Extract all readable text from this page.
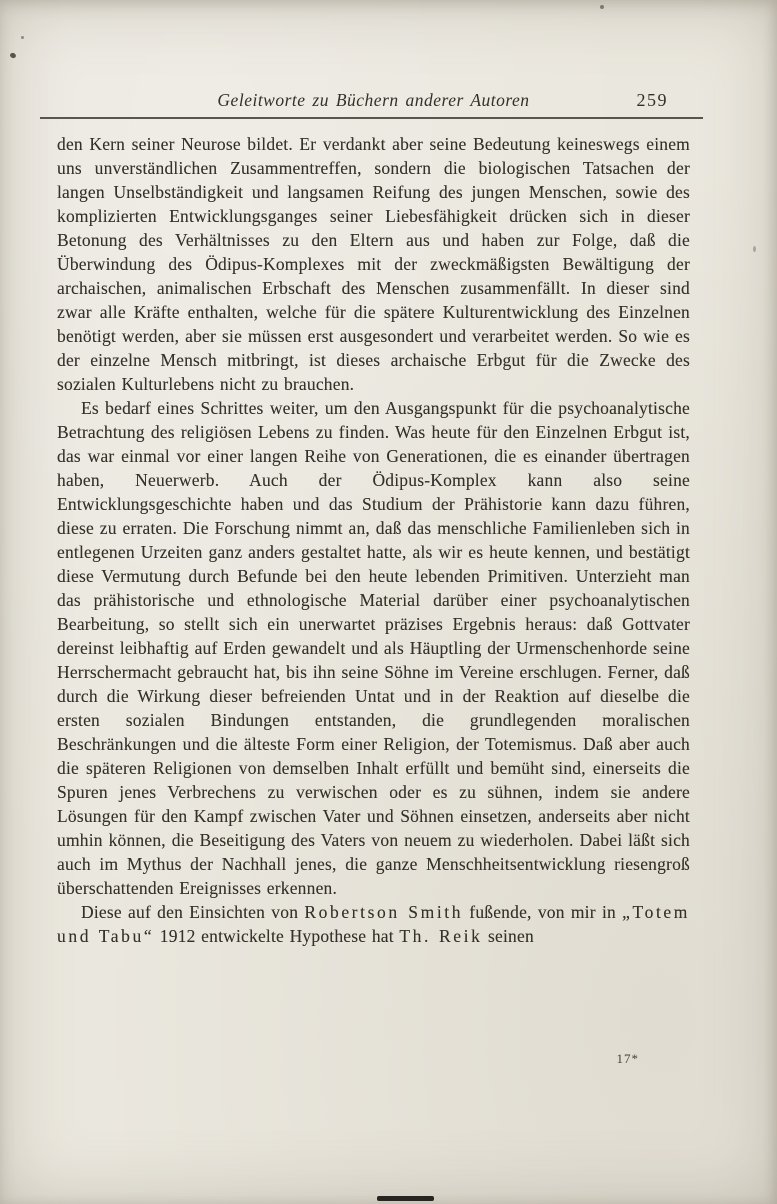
Geleitworte zu Büchern anderer Autoren	259

den Kern seiner Neurose bildet. Er verdankt aber seine Bedeutung keineswegs einem uns unverständlichen Zusammentreffen, sondern die biologischen Tatsachen der langen Unselbständigkeit und langsamen Reifung des jungen Menschen, sowie des komplizierten Entwicklungsganges seiner Liebesfähigkeit drücken sich in dieser Betonung des Verhältnisses zu den Eltern aus und haben zur Folge, daß die Überwindung des Ödipus-Komplexes mit der zweckmäßigsten Bewältigung der archaischen, animalischen Erbschaft des Menschen zusammenfällt. In dieser sind zwar alle Kräfte enthalten, welche für die spätere Kulturentwicklung des Einzelnen benötigt werden, aber sie müssen erst ausgesondert und verarbeitet werden. So wie es der einzelne Mensch mitbringt, ist dieses archaische Erbgut für die Zwecke des sozialen Kulturlebens nicht zu brauchen.

Es bedarf eines Schrittes weiter, um den Ausgangspunkt für die psychoanalytische Betrachtung des religiösen Lebens zu finden. Was heute für den Einzelnen Erbgut ist, das war einmal vor einer langen Reihe von Generationen, die es einander übertragen haben, Neuerwerb. Auch der Ödipus-Komplex kann also seine Entwicklungsgeschichte haben und das Studium der Prähistorie kann dazu führen, diese zu erraten. Die Forschung nimmt an, daß das menschliche Familienleben sich in entlegenen Urzeiten ganz anders gestaltet hatte, als wir es heute kennen, und bestätigt diese Vermutung durch Befunde bei den heute lebenden Primitiven. Unterzieht man das prähistorische und ethnologische Material darüber einer psychoanalytischen Bearbeitung, so stellt sich ein unerwartet präzises Ergebnis heraus: daß Gottvater dereinst leibhaftig auf Erden gewandelt und als Häuptling der Urmenschenhorde seine Herrschermacht gebraucht hat, bis ihn seine Söhne im Vereine erschlugen. Ferner, daß durch die Wirkung dieser befreienden Untat und in der Reaktion auf dieselbe die ersten sozialen Bindungen entstanden, die grundlegenden moralischen Beschränkungen und die älteste Form einer Religion, der Totemismus. Daß aber auch die späteren Religionen von demselben Inhalt erfüllt und bemüht sind, einerseits die Spuren jenes Verbrechens zu verwischen oder es zu sühnen, indem sie andere Lösungen für den Kampf zwischen Vater und Söhnen einsetzen, anderseits aber nicht umhin können, die Beseitigung des Vaters von neuem zu wiederholen. Dabei läßt sich auch im Mythus der Nachhall jenes, die ganze Menschheitsentwicklung riesengroß überschattenden Ereignisses erkennen.

Diese auf den Einsichten von Robertson Smith fußende, von mir in „Totem und Tabu“ 1912 entwickelte Hypothese hat Th. Reik seinen

17*
